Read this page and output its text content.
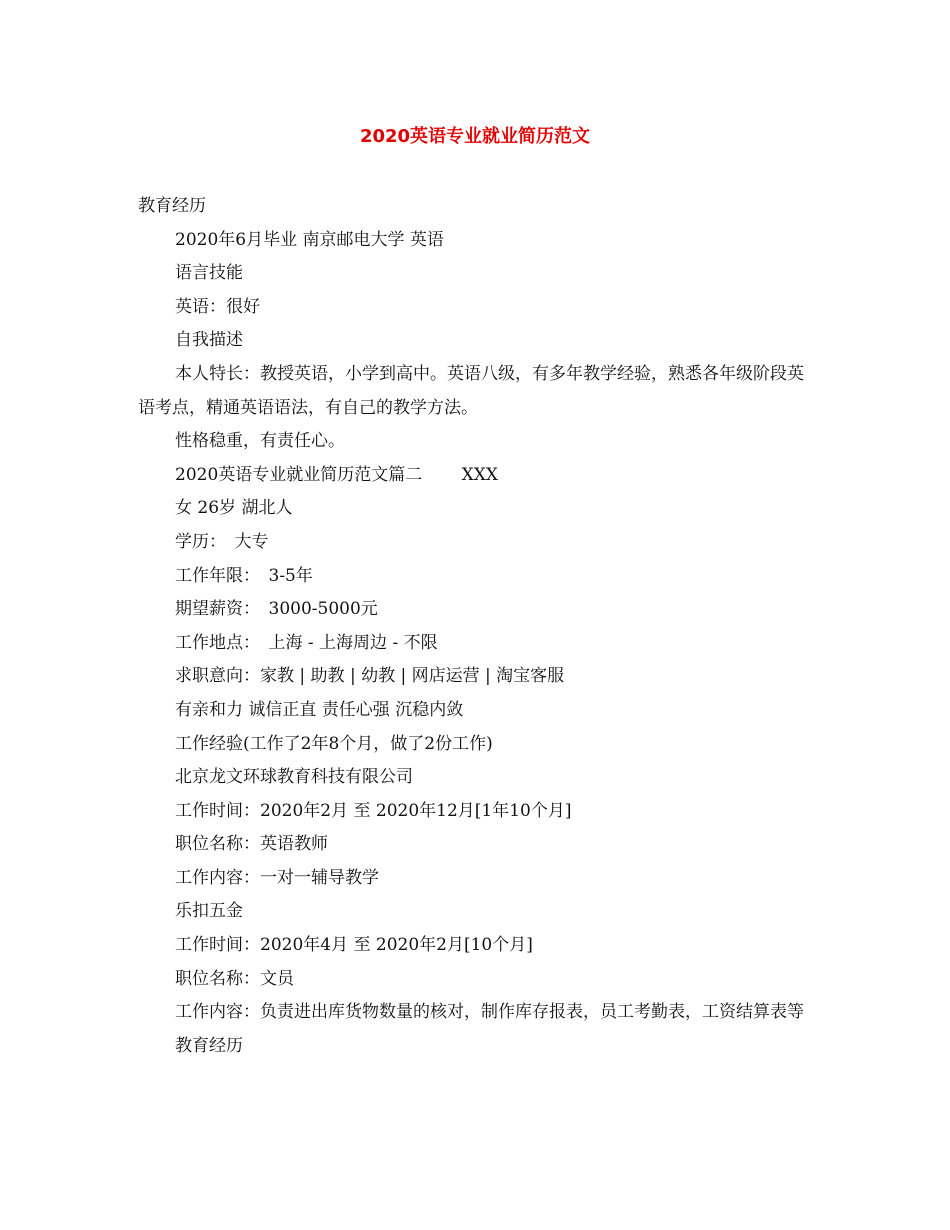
2020英语专业就业简历范文
教育经历
2020年6月毕业 南京邮电大学 英语
语言技能
英语：很好
自我描述
本人特长：教授英语，小学到高中。英语八级，有多年教学经验，熟悉各年级阶段英语考点，精通英语语法，有自己的教学方法。
性格稳重，有责任心。
2020英语专业就业简历范文篇二　　 XXX
女 26岁 湖北人
学历：　大专
工作年限：　3-5年
期望薪资：　3000-5000元
工作地点：　上海 - 上海周边 - 不限
求职意向：家教 | 助教 | 幼教 | 网店运营 | 淘宝客服
有亲和力 诚信正直 责任心强 沉稳内敛
工作经验(工作了2年8个月，做了2份工作)
北京龙文环球教育科技有限公司
工作时间：2020年2月 至 2020年12月[1年10个月]
职位名称：英语教师
工作内容：一对一辅导教学
乐扣五金
工作时间：2020年4月 至 2020年2月[10个月]
职位名称：文员
工作内容：负责进出库货物数量的核对，制作库存报表，员工考勤表，工资结算表等
教育经历
